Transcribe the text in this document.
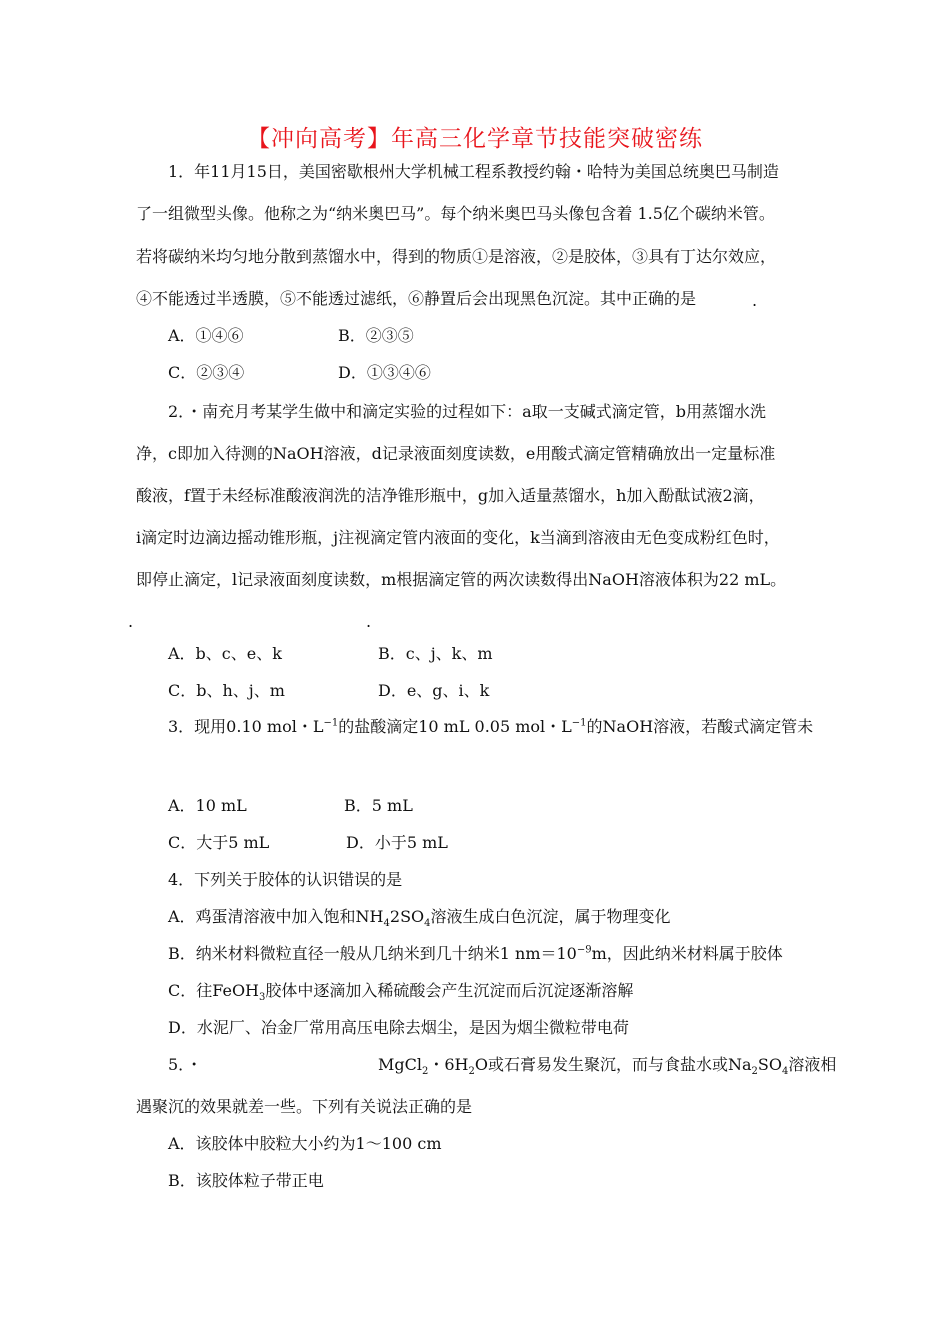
【冲向高考】年高三化学章节技能突破密练
1．年11月15日，美国密歇根州大学机械工程系教授约翰・哈特为美国总统奥巴马制造
了一组微型头像。他称之为“纳米奥巴马”。每个纳米奥巴马头像包含着 1.5亿个碳纳米管。
若将碳纳米均匀地分散到蒸馏水中，得到的物质①是溶液，②是胶体，③具有丁达尔效应，
④不能透过半透膜，⑤不能透过滤纸，⑥静置后会出现黑色沉淀。其中正确的是	.
A．①④⑥	B．②③⑤
C．②③④	D．①③④⑥
2．・南充月考某学生做中和滴定实验的过程如下：a取一支碱式滴定管，b用蒸馏水洗
净，c即加入待测的NaOH溶液，d记录液面刻度读数，e用酸式滴定管精确放出一定量标准
酸液，f置于未经标准酸液润洗的洁净锥形瓶中，g加入适量蒸馏水，h加入酚酞试液2滴，
i滴定时边滴边摇动锥形瓶，j注视滴定管内液面的变化，k当滴到溶液由无色变成粉红色时，
即停止滴定，l记录液面刻度读数，m根据滴定管的两次读数得出NaOH溶液体积为22 mL。
.	.
A．b、c、e、k	B．c、j、k、m
C．b、h、j、m	D．e、g、i、k
3．现用0.10 mol・$L^{-1}$的盐酸滴定10 mL 0.05 mol・$L^{-1}$的NaOH溶液，若酸式滴定管未
A．10 mL	B．5 mL
C．大于5 mL	D．小于5 mL
4．下列关于胶体的认识错误的是
A．鸡蛋清溶液中加入饱和$NH_42SO_4$溶液生成白色沉淀，属于物理变化
B．纳米材料微粒直径一般从几纳米到几十纳米1 $nm=10^{-9}m$，因此纳米材料属于胶体
C．往FeOH$_3$胶体中逐滴加入稀硫酸会产生沉淀而后沉淀逐渐溶解
D．水泥厂、冶金厂常用高压电除去烟尘，是因为烟尘微粒带电荷
5．・	MgCl$_2$・$6H_2O$或石膏易发生聚沉，而与食盐水或$Na_2SO_4$溶液相
遇聚沉的效果就差一些。下列有关说法正确的是
A．该胶体中胶粒大小约为1～100 cm
B．该胶体粒子带正电
